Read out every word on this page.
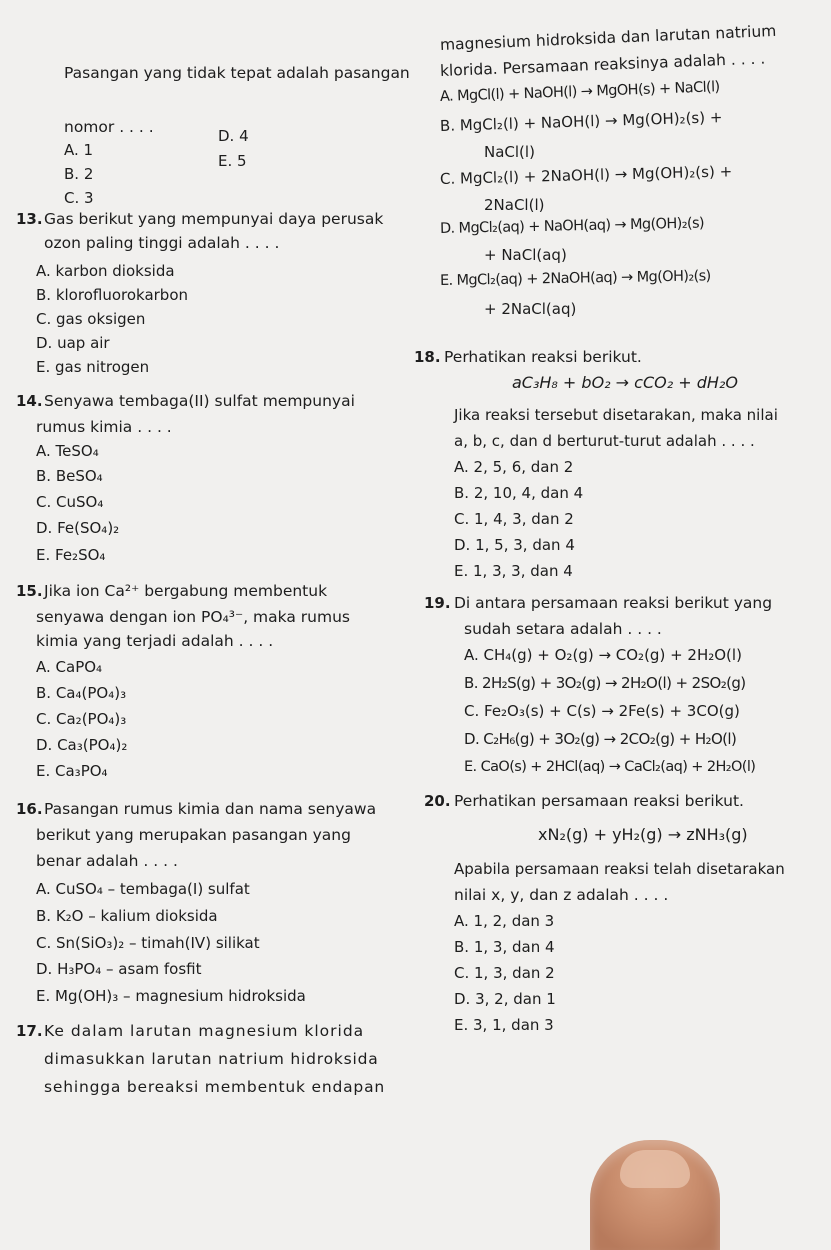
Pasangan yang tidak tepat adalah pasangan
nomor . . . .
A. 1
B. 2
C. 3
D. 4
E. 5
13. Gas berikut yang mempunyai daya perusak
ozon paling tinggi adalah . . . .
A. karbon dioksida
B. klorofluorokarbon
C. gas oksigen
D. uap air
E. gas nitrogen
14. Senyawa tembaga(II) sulfat mempunyai
rumus kimia . . . .
A. TeSO₄
B. BeSO₄
C. CuSO₄
D. Fe(SO₄)₂
E. Fe₂SO₄
15. Jika ion Ca²⁺ bergabung membentuk
senyawa dengan ion PO₄³⁻, maka rumus
kimia yang terjadi adalah . . . .
A. CaPO₄
B. Ca₄(PO₄)₃
C. Ca₂(PO₄)₃
D. Ca₃(PO₄)₂
E. Ca₃PO₄
16. Pasangan rumus kimia dan nama senyawa
berikut yang merupakan pasangan yang
benar adalah . . . .
A. CuSO₄ – tembaga(I) sulfat
B. K₂O – kalium dioksida
C. Sn(SiO₃)₂ – timah(IV) silikat
D. H₃PO₄ – asam fosfit
E. Mg(OH)₃ – magnesium hidroksida
17. Ke dalam larutan magnesium klorida
dimasukkan larutan natrium hidroksida
sehingga bereaksi membentuk endapan
magnesium hidroksida dan larutan natrium
klorida. Persamaan reaksinya adalah . . . .
A. MgCl(l) + NaOH(l) → MgOH(s) + NaCl(l)
B. MgCl₂(l) + NaOH(l) → Mg(OH)₂(s) +
NaCl(l)
C. MgCl₂(l) + 2NaOH(l) → Mg(OH)₂(s) +
2NaCl(l)
D. MgCl₂(aq) + NaOH(aq) → Mg(OH)₂(s)
+ NaCl(aq)
E. MgCl₂(aq) + 2NaOH(aq) → Mg(OH)₂(s)
+ 2NaCl(aq)
18. Perhatikan reaksi berikut.
aC₃H₈ + bO₂ → cCO₂ + dH₂O
Jika reaksi tersebut disetarakan, maka nilai
a, b, c, dan d berturut-turut adalah . . . .
A. 2, 5, 6, dan 2
B. 2, 10, 4, dan 4
C. 1, 4, 3, dan 2
D. 1, 5, 3, dan 4
E. 1, 3, 3, dan 4
19. Di antara persamaan reaksi berikut yang
sudah setara adalah . . . .
A. CH₄(g) + O₂(g) → CO₂(g) + 2H₂O(l)
B. 2H₂S(g) + 3O₂(g) → 2H₂O(l) + 2SO₂(g)
C. Fe₂O₃(s) + C(s) → 2Fe(s) + 3CO(g)
D. C₂H₆(g) + 3O₂(g) → 2CO₂(g) + H₂O(l)
E. CaO(s) + 2HCl(aq) → CaCl₂(aq) + 2H₂O(l)
20. Perhatikan persamaan reaksi berikut.
xN₂(g) + yH₂(g) → zNH₃(g)
Apabila persamaan reaksi telah disetarakan
nilai x, y, dan z adalah . . . .
A. 1, 2, dan 3
B. 1, 3, dan 4
C. 1, 3, dan 2
D. 3, 2, dan 1
E. 3, 1, dan 3
